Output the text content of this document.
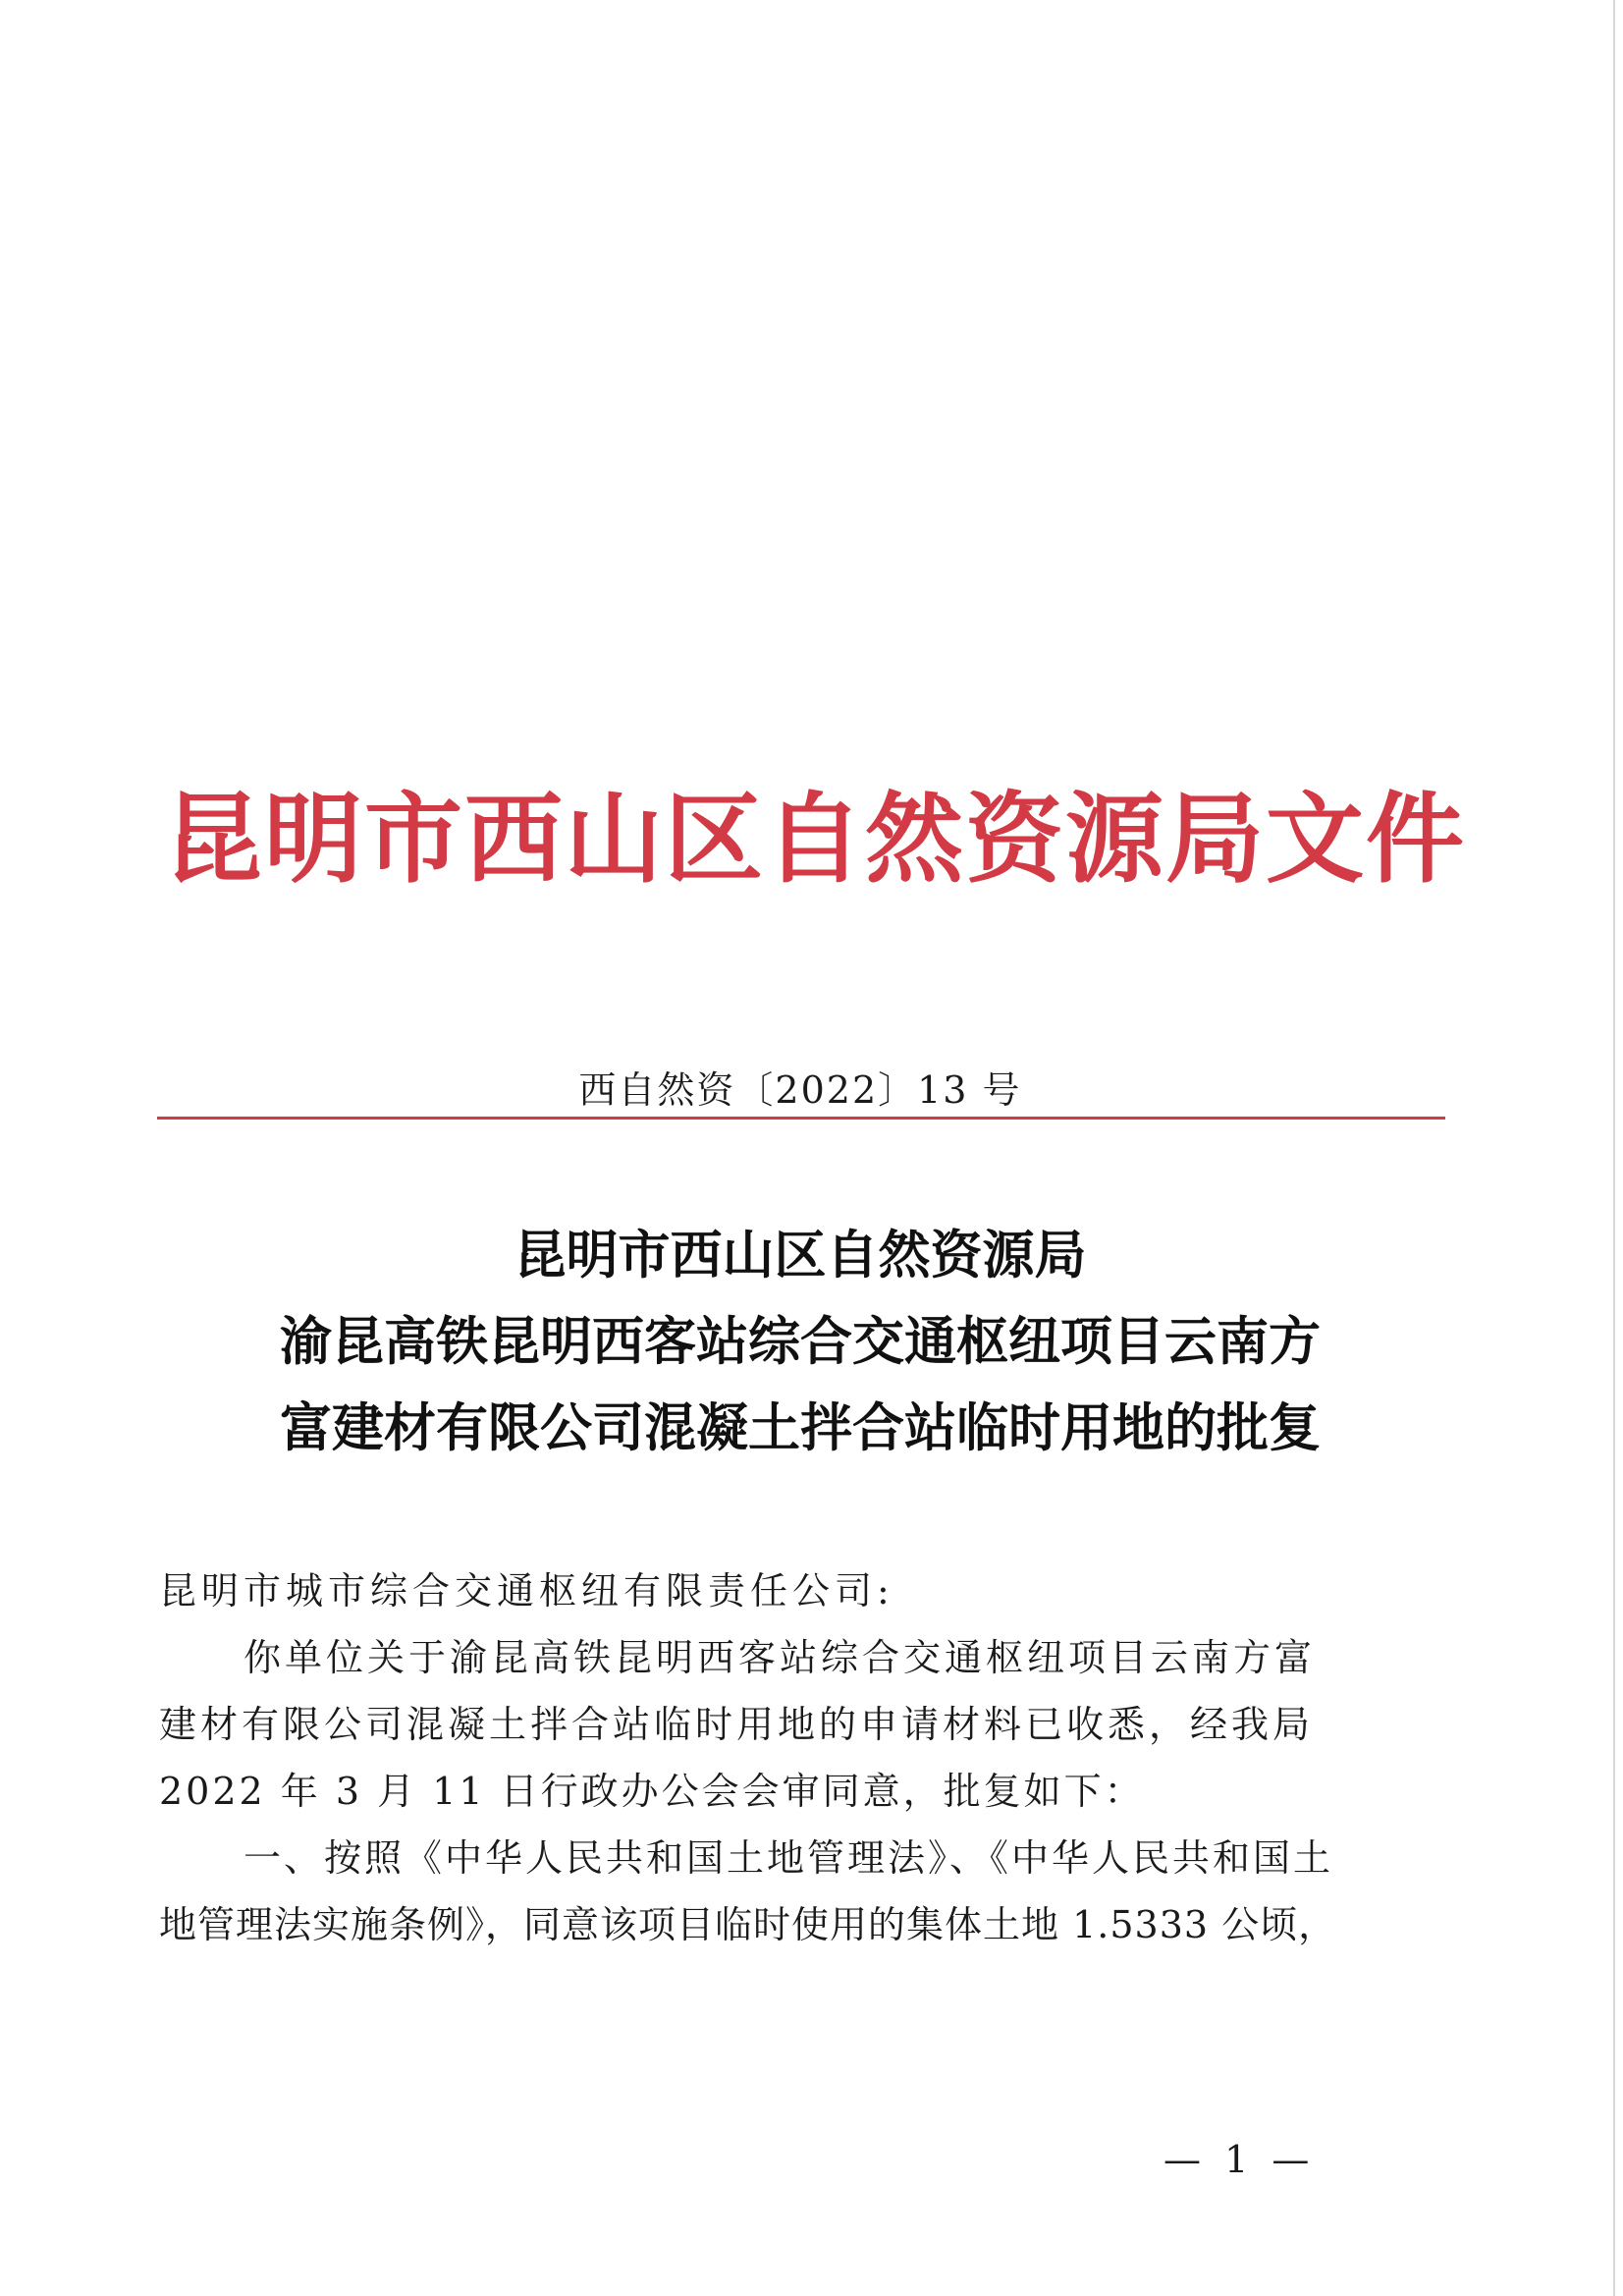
昆明市西山区自然资源局文件
西自然资〔2022〕13 号
昆明市西山区自然资源局
渝昆高铁昆明西客站综合交通枢纽项目云南方
富建材有限公司混凝土拌合站临时用地的批复
昆明市城市综合交通枢纽有限责任公司:
你单位关于渝昆高铁昆明西客站综合交通枢纽项目云南方富
建材有限公司混凝土拌合站临时用地的申请材料已收悉，经我局
2022 年 3 月 11 日行政办公会会审同意，批复如下：
一、按照《中华人民共和国土地管理法》、《中华人民共和国土
地管理法实施条例》，同意该项目临时使用的集体土地 1.5333 公顷，
— 1 —
